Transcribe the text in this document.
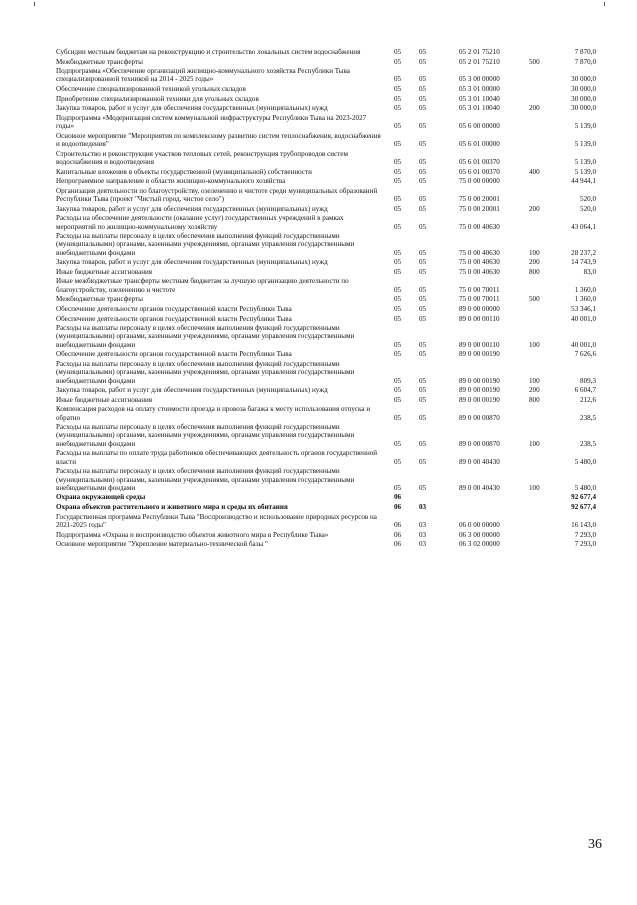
Субсидии местным бюджетам на реконструкцию и строительство локальных систем водоснабжения	05	05	05 2 01 75210		7 870,0
Межбюджетные трансферты	05	05	05 2 01 75210	500	7 870,0
Подпрограмма «Обеспечение организаций жилищно-коммунального хозяйства Республики Тыва специализированной техникой на 2014 - 2025 годы»	05	05	05 3 00 00000		30 000,0
Обеспечение специализированной техникой угольных складов	05	05	05 3 01 00000		30 000,0
Приобретение специализированной техники для угольных складов	05	05	05 3 01 10040		30 000,0
Закупка товаров, работ и услуг для обеспечения государственных (муниципальных) нужд	05	05	05 3 01 10040	200	30 000,0
Подпрограмма «Модернизация систем коммунальной инфраструктуры Республики Тыва на 2023-2027 годы»	05	05	05 6 00 00000		5 139,0
Основное мероприятие "Мероприятия по комплексному развитию систем теплоснабжения, водоснабжения и водоотведения"	05	05	05 6 01 00000		5 139,0
Строительство и реконструкция участков тепловых сетей, реконструкция трубопроводов систем водоснабжения и водоотведения	05	05	05 6 01 00370		5 139,0
Капитальные вложения в объекты государственной (муниципальной) собственности	05	05	05 6 01 00370	400	5 139,0
Непрограммное направление в области жилищно-коммунального хозяйства	05	05	75 0 00 00000		44 944,1
Организация деятельности по благоустройству, озеленению и чистоте среди муниципальных образований Республики Тыва (проект "Чистый город, чистое село")	05	05	75 0 00 20001		520,0
Закупка товаров, работ и услуг для обеспечения государственных (муниципальных) нужд	05	05	75 0 00 20001	200	520,0
Расходы на обеспечение деятельности (оказание услуг) государственных учреждений в рамках мероприятий по жилищно-коммунальному хозяйству	05	05	75 0 00 40630		43 064,1
Расходы на выплаты персоналу в целях обеспечения выполнения функций государственными (муниципальными) органами, казенными учреждениями, органами управления государственными внебюджетными фондами	05	05	75 0 00 40630	100	28 237,2
Закупка товаров, работ и услуг для обеспечения государственных (муниципальных) нужд	05	05	75 0 00 40630	200	14 743,9
Иные бюджетные ассигнования	05	05	75 0 00 40630	800	83,0
Иные межбюджетные трансферты местным бюджетам за лучшую организацию деятельности по благоустройству, озеленению и чистоте	05	05	75 0 00 70011		1 360,0
Межбюджетные трансферты	05	05	75 0 00 70011	500	1 360,0
Обеспечение деятельности органов государственной власти Республики Тыва	05	05	89 0 00 00000		53 346,1
Обеспечение деятельности органов государственной власти Республики Тыва	05	05	89 0 00 00110		40 001,0
Расходы на выплаты персоналу в целях обеспечения выполнения функций государственными (муниципальными) органами, казенными учреждениями, органами управления государственными внебюджетными фондами	05	05	89 0 00 00110	100	40 001,0
Обеспечение деятельности органов государственной власти Республики Тыва	05	05	89 0 00 00190		7 626,6
Расходы на выплаты персоналу в целях обеспечения выполнения функций государственными (муниципальными) органами, казенными учреждениями, органами управления государственными внебюджетными фондами	05	05	89 0 00 00190	100	809,3
Закупка товаров, работ и услуг для обеспечения государственных (муниципальных) нужд	05	05	89 0 00 00190	200	6 604,7
Иные бюджетные ассигнования	05	05	89 0 00 00190	800	212,6
Компенсация расходов на оплату стоимости проезда и провоза багажа к месту использования отпуска и обратно	05	05	89 0 00 00870		238,5
Расходы на выплаты персоналу в целях обеспечения выполнения функций государственными (муниципальными) органами, казенными учреждениями, органами управления государственными внебюджетными фондами	05	05	89 0 00 00870	100	238,5
Расходы на выплаты по оплате труда работников обеспечивающих деятельность органов государственной власти	05	05	89 0 00 40430		5 480,0
Расходы на выплаты персоналу в целях обеспечения выполнения функций государственными (муниципальными) органами, казенными учреждениями, органами управления государственными внебюджетными фондами	05	05	89 0 00 40430	100	5 480,0
Охрана окружающей среды	06				92 677,4
Охрана объектов растительного и животного мира и среды их обитания	06	03			92 677,4
Государственная программа Республики Тыва "Воспроизводство и использование природных ресурсов на 2021-2025 годы"	06	03	06 0 00 00000		16 143,0
Подпрограмма «Охрана и воспроизводство объектов животного мира в Республике Тыва»	06	03	06 3 00 00000		7 293,0
Основное мероприятие "Укрепление материально-технической базы "	06	03	06 3 02 00000		7 293,0
36
